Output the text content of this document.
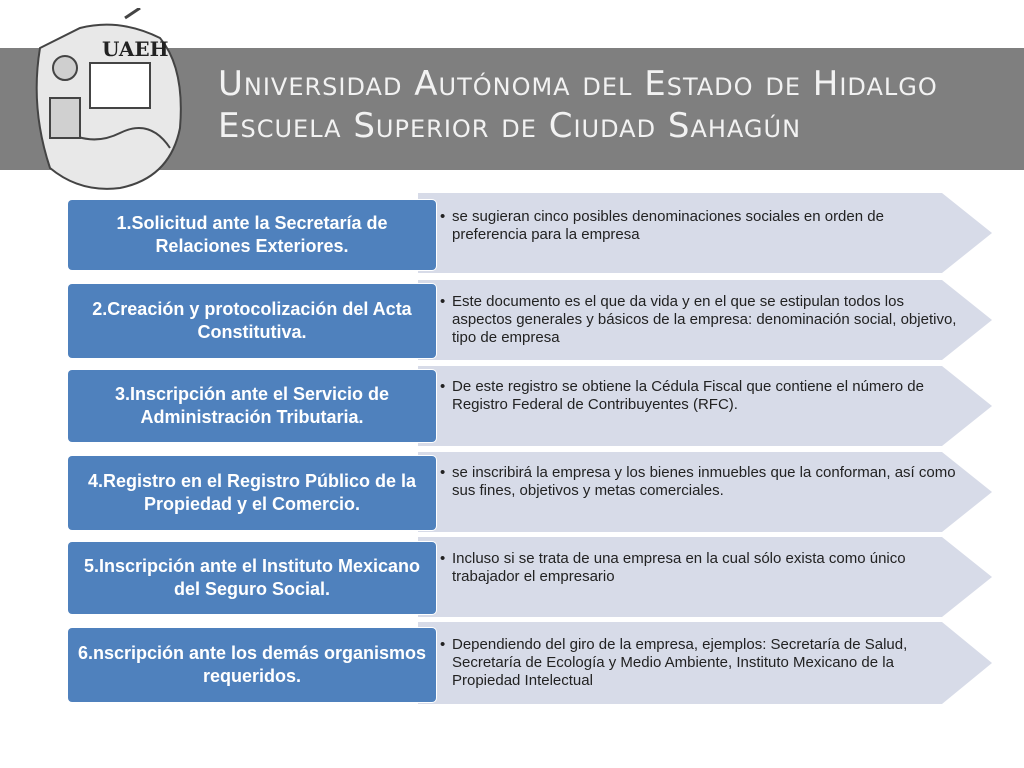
UAEH
Universidad Autónoma del Estado de Hidalgo
Escuela Superior de Ciudad Sahagún
1.Solicitud ante la Secretaría de Relaciones Exteriores.
• se sugieran cinco posibles denominaciones sociales en orden de preferencia para la empresa
2.Creación y protocolización del Acta Constitutiva.
• Este documento es el que da vida y en el que se estipulan todos los aspectos generales y básicos de la empresa: denominación social, objetivo, tipo de empresa
3.Inscripción ante el Servicio de Administración Tributaria.
• De este registro se obtiene la Cédula Fiscal que contiene el número de Registro Federal de Contribuyentes (RFC).
4.Registro en el Registro Público de la Propiedad y el Comercio.
• se inscribirá la empresa y los bienes inmuebles que la conforman, así como sus fines, objetivos y metas comerciales.
5.Inscripción ante el Instituto Mexicano del Seguro Social.
• Incluso si se trata de una empresa en la cual sólo exista como único trabajador el empresario
6.nscripción ante los demás organismos requeridos.
• Dependiendo del giro de la empresa, ejemplos: Secretaría de Salud, Secretaría de Ecología y Medio Ambiente, Instituto Mexicano de la Propiedad Intelectual
